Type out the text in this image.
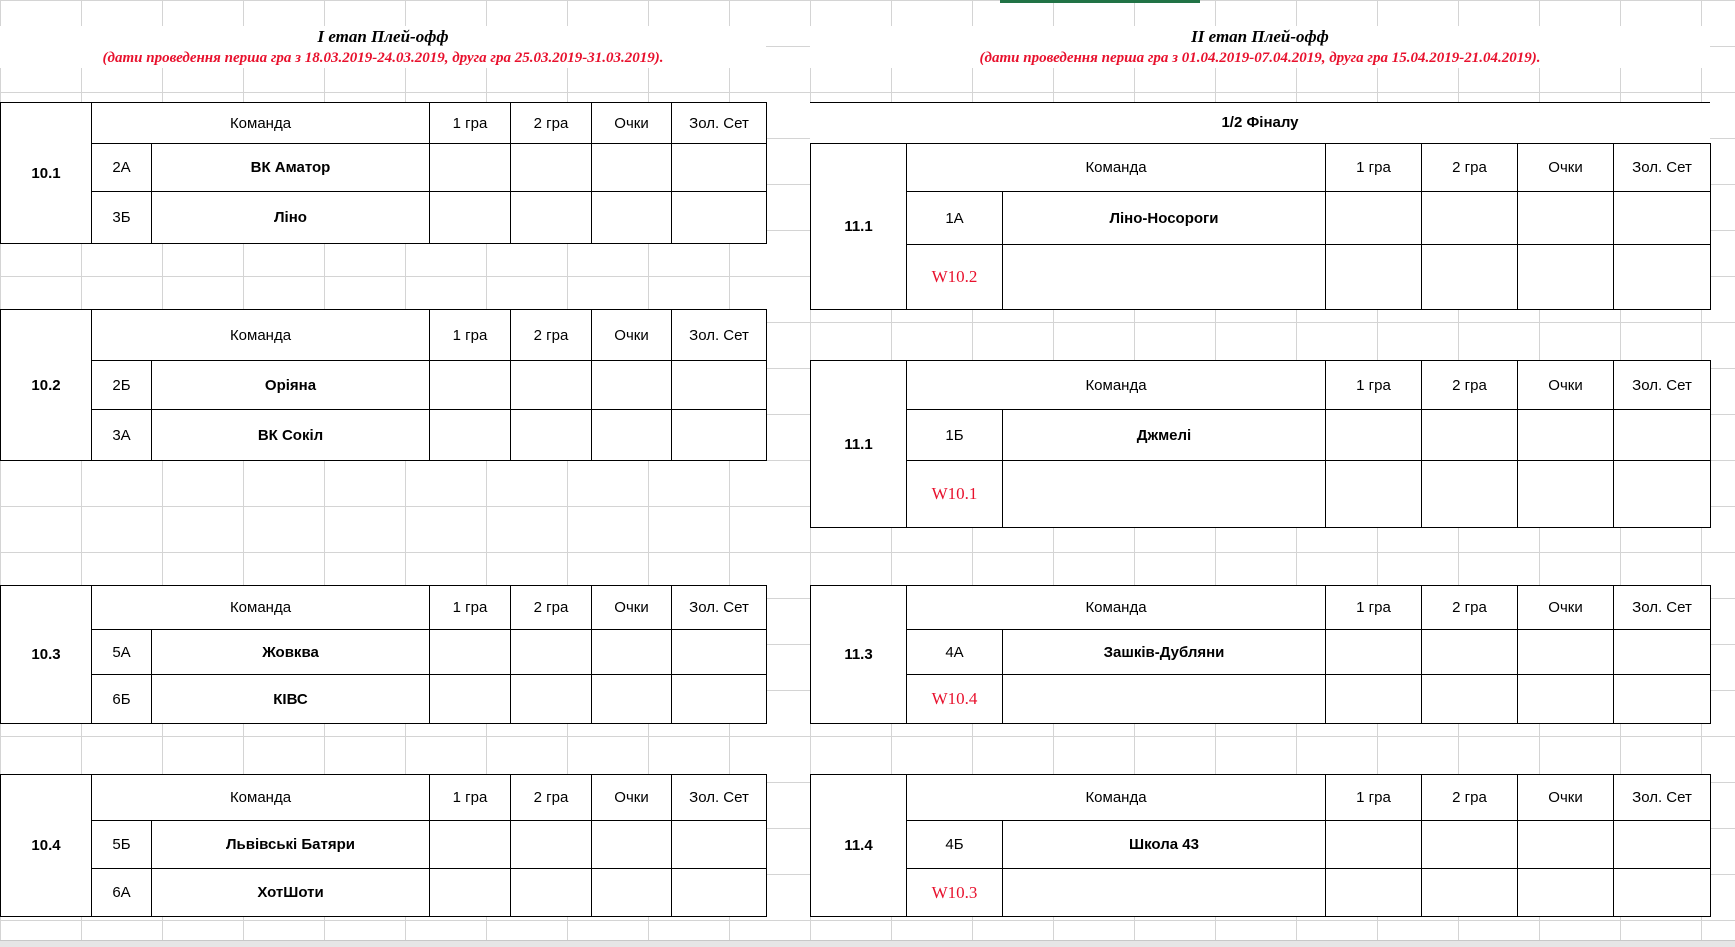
I етап Плей-офф
(дати проведення перша гра з 18.03.2019-24.03.2019, друга гра 25.03.2019-31.03.2019).
II етап Плей-офф
(дати проведення перша гра з 01.04.2019-07.04.2019, друга гра 15.04.2019-21.04.2019).
1/2 Фіналу
10.1	Команда		1 гра	2 гра	Очки	Зол. Сет
	2А	ВК Аматор				
	3Б	Ліно				
10.2	Команда		1 гра	2 гра	Очки	Зол. Сет
	2Б	Оріяна				
	3А	ВК Сокіл				
10.3	Команда		1 гра	2 гра	Очки	Зол. Сет
	5А	Жовква				
	6Б	КІВС				
10.4	Команда		1 гра	2 гра	Очки	Зол. Сет
	5Б	Львівські Батяри				
	6А	ХотШоти				
11.1	Команда		1 гра	2 гра	Очки	Зол. Сет
	1А	Ліно-Носороги				
	W10.2					
11.1	Команда		1 гра	2 гра	Очки	Зол. Сет
	1Б	Джмелі				
	W10.1					
11.3	Команда		1 гра	2 гра	Очки	Зол. Сет
	4А	Зашків-Дубляни				
	W10.4					
11.4	Команда		1 гра	2 гра	Очки	Зол. Сет
	4Б	Школа 43				
	W10.3					
